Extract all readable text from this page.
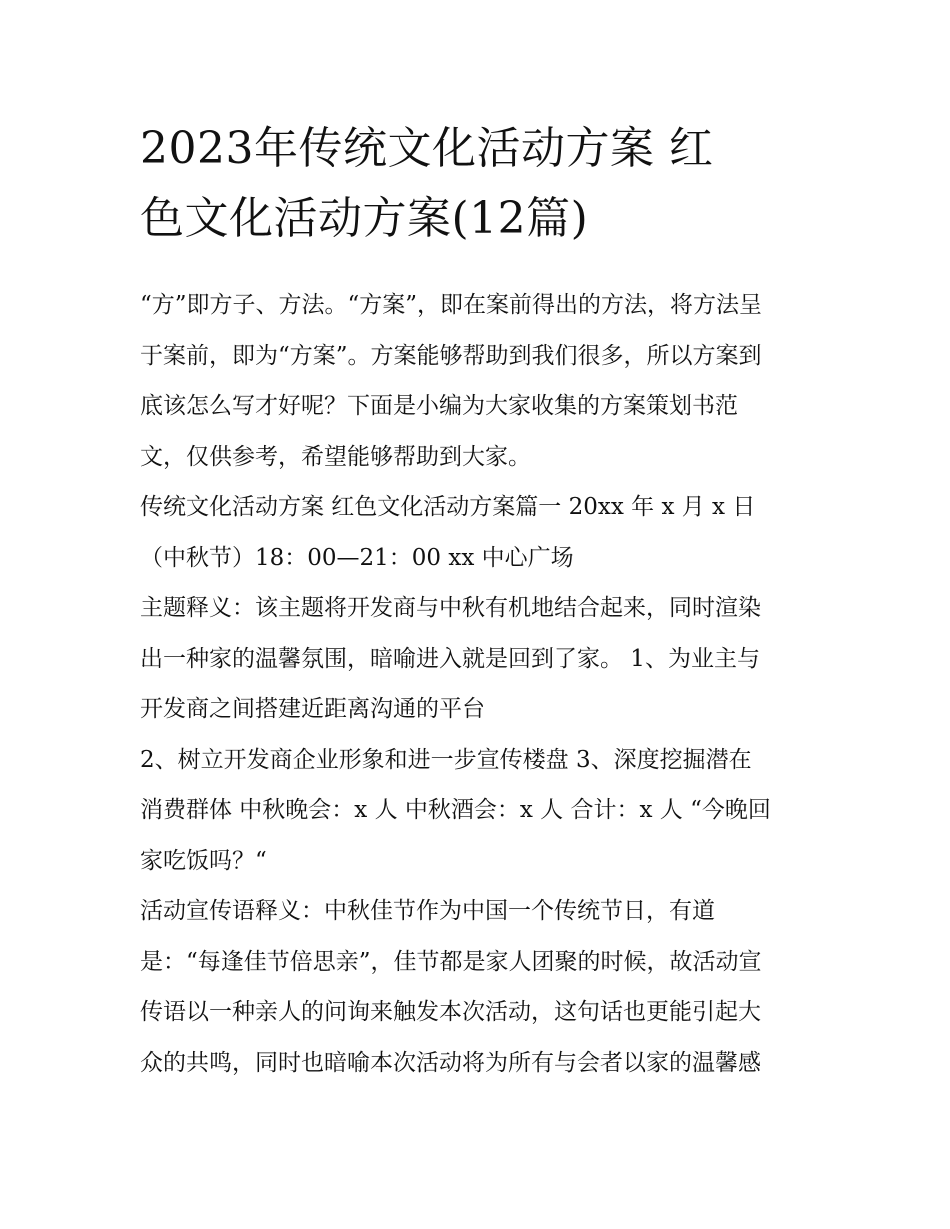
2023年传统文化活动方案 红
色文化活动方案(12篇)
“方”即方子、方法。“方案”，即在案前得出的方法，将方法呈
于案前，即为“方案”。方案能够帮助到我们很多，所以方案到
底该怎么写才好呢？下面是小编为大家收集的方案策划书范
文，仅供参考，希望能够帮助到大家。
传统文化活动方案 红色文化活动方案篇一 20xx 年 x 月 x 日
（中秋节）18：00—21：00 xx 中心广场
主题释义：该主题将开发商与中秋有机地结合起来，同时渲染
出一种家的温馨氛围，暗喻进入就是回到了家。 1、为业主与
开发商之间搭建近距离沟通的平台
2、树立开发商企业形象和进一步宣传楼盘 3、深度挖掘潜在
消费群体 中秋晚会：x 人 中秋酒会：x 人 合计：x 人 “今晚回
家吃饭吗？“
活动宣传语释义：中秋佳节作为中国一个传统节日，有道
是：“每逢佳节倍思亲”，佳节都是家人团聚的时候，故活动宣
传语以一种亲人的问询来触发本次活动，这句话也更能引起大
众的共鸣，同时也暗喻本次活动将为所有与会者以家的温馨感
